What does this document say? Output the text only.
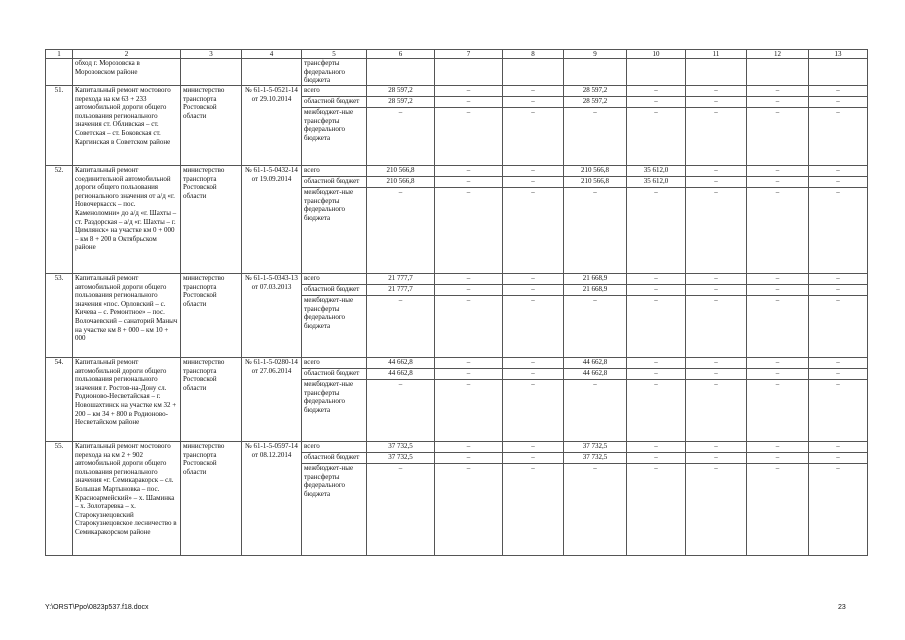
1	2	3	4	5	6	7	8	9	10	11	12	13
	обход г. Морозовска в Морозовском районе			трансферты федерального бюджета								
51.	Капитальный ремонт мостового перехода на км 63 + 233 автомобильной дороги общего пользования регионального значения ст. Обливская – ст. Советская – ст. Боковская ст. Каргинская в Советском районе	министерство транспорта Ростовской области	№ 61-1-5-0521-14 от 29.10.2014	всего	28 597,2	–	–	28 597,2	–	–	–	–
				областной бюджет	28 597,2	–	–	28 597,2	–	–	–	–
				межбюджет-ные трансферты федерального бюджета	–	–	–	–	–	–	–	–
52.	Капитальный ремонт соединительной автомобильной дороги общего пользования регионального значения от а/д «г. Новочеркасск – пос. Каменоломни» до а/д «г. Шахты – ст. Раздорская – а/д «г. Шахты – г. Цимлянск» на участке км 0 + 000 – км 8 + 200 в Октябрьском районе	министерство транспорта Ростовской области	№ 61-1-5-0432-14 от 19.09.2014	всего	210 566,8	–	–	210 566,8	35 612,0	–	–	–
				областной бюджет	210 566,8	–	–	210 566,8	35 612,0	–	–	–
				межбюджет-ные трансферты федерального бюджета	–	–	–	–	–	–	–	–
53.	Капитальный ремонт автомобильной дороги общего пользования регионального значения «пос. Орловский – с. Кичева – с. Ремонтное» – пос. Волочаевский – санаторий Маныч на участке км 8 + 000 – км 10 + 000	министерство транспорта Ростовской области	№ 61-1-5-0343-13 от 07.03.2013	всего	21 777,7	–	–	21 668,9	–	–	–	–
				областной бюджет	21 777,7	–	–	21 668,9	–	–	–	–
				межбюджет-ные трансферты федерального бюджета	–	–	–	–	–	–	–	–
54.	Капитальный ремонт автомобильной дороги общего пользования регионального значения г. Ростов-на-Дону сл. Родионово-Несветайская – г. Новошахтинск на участке км 32 + 200 – км 34 + 800 в Родионово-Несветайском районе	министерство транспорта Ростовской области	№ 61-1-5-0280-14 от 27.06.2014	всего	44 662,8	–	–	44 662,8	–	–	–	–
				областной бюджет	44 662,8	–	–	44 662,8	–	–	–	–
				межбюджет-ные трансферты федерального бюджета	–	–	–	–	–	–	–	–
55.	Капитальный ремонт мостового перехода на км 2 + 902 автомобильной дороги общего пользования регионального значения «г. Семикаракорск – сл. Большая Мартыновка – пос. Красноармейский» – х. Шаминка – х. Золотаревка – х. Старокузнецовский Старокузнецовское лесничество в Семикаракорском районе	министерство транспорта Ростовской области	№ 61-1-5-0597-14 от 08.12.2014	всего	37 732,5	–	–	37 732,5	–	–	–	–
				областной бюджет	37 732,5	–	–	37 732,5	–	–	–	–
				межбюджет-ные трансферты федерального бюджета	–	–	–	–	–	–	–	–
Y:\ORST\Ppo\0823p537.f18.docx	23
